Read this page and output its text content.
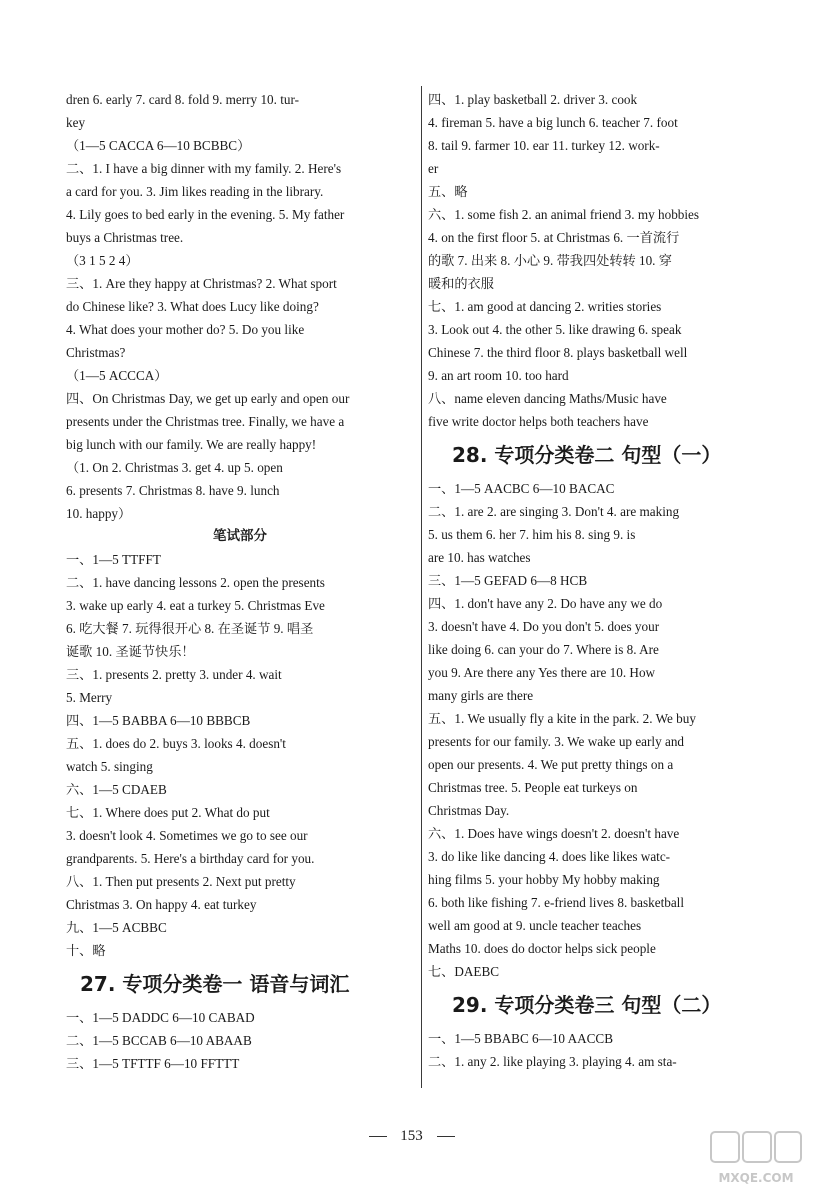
dren 6. early 7. card 8. fold 9. merry 10. tur-
key
（1—5 CACCA 6—10 BCBBC）
二、1. I have a big dinner with my family. 2. Here's
a card for you. 3. Jim likes reading in the library.
4. Lily goes to bed early in the evening. 5. My father
buys a Christmas tree.
（3 1 5 2 4）
三、1. Are they happy at Christmas? 2. What sport
do Chinese like? 3. What does Lucy like doing?
4. What does your mother do? 5. Do you like
Christmas?
（1—5 ACCCA）
四、On Christmas Day, we get up early and open our
presents under the Christmas tree. Finally, we have a
big lunch with our family. We are really happy!
（1. On 2. Christmas 3. get 4. up 5. open
6. presents 7. Christmas 8. have 9. lunch
10. happy）
笔试部分
一、1—5 TTFFT
二、1. have dancing lessons 2. open the presents
3. wake up early 4. eat a turkey 5. Christmas Eve
6. 吃大餐 7. 玩得很开心 8. 在圣诞节 9. 唱圣
诞歌 10. 圣诞节快乐！
三、1. presents 2. pretty 3. under 4. wait
5. Merry
四、1—5 BABBA 6—10 BBBCB
五、1. does do 2. buys 3. looks 4. doesn't
watch 5. singing
六、1—5 CDAEB
七、1. Where does put 2. What do put
3. doesn't look 4. Sometimes we go to see our
grandparents. 5. Here's a birthday card for you.
八、1. Then put presents 2. Next put pretty
Christmas 3. On happy 4. eat turkey
九、1—5 ACBBC
十、略
27. 专项分类卷一 语音与词汇
一、1—5 DADDC 6—10 CABAD
二、1—5 BCCAB 6—10 ABAAB
三、1—5 TFTTF 6—10 FFTTT
四、1. play basketball 2. driver 3. cook
4. fireman 5. have a big lunch 6. teacher 7. foot
8. tail 9. farmer 10. ear 11. turkey 12. work-
er
五、略
六、1. some fish 2. an animal friend 3. my hobbies
4. on the first floor 5. at Christmas 6. 一首流行
的歌 7. 出来 8. 小心 9. 带我四处转转 10. 穿
暖和的衣服
七、1. am good at dancing 2. writies stories
3. Look out 4. the other 5. like drawing 6. speak
Chinese 7. the third floor 8. plays basketball well
9. an art room 10. too hard
八、name eleven dancing Maths/Music have
five write doctor helps both teachers have
28. 专项分类卷二 句型（一）
一、1—5 AACBC 6—10 BACAC
二、1. are 2. are singing 3. Don't 4. are making
5. us them 6. her 7. him his 8. sing 9. is
are 10. has watches
三、1—5 GEFAD 6—8 HCB
四、1. don't have any 2. Do have any we do
3. doesn't have 4. Do you don't 5. does your
like doing 6. can your do 7. Where is 8. Are
you 9. Are there any Yes there are 10. How
many girls are there
五、1. We usually fly a kite in the park. 2. We buy
presents for our family. 3. We wake up early and
open our presents. 4. We put pretty things on a
Christmas tree. 5. People eat turkeys on
Christmas Day.
六、1. Does have wings doesn't 2. doesn't have
3. do like like dancing 4. does like likes watc-
hing films 5. your hobby My hobby making
6. both like fishing 7. e-friend lives 8. basketball
well am good at 9. uncle teacher teaches
Maths 10. does do doctor helps sick people
七、DAEBC
29. 专项分类卷三 句型（二）
一、1—5 BBABC 6—10 AACCB
二、1. any 2. like playing 3. playing 4. am sta-
153
MXQE.COM
